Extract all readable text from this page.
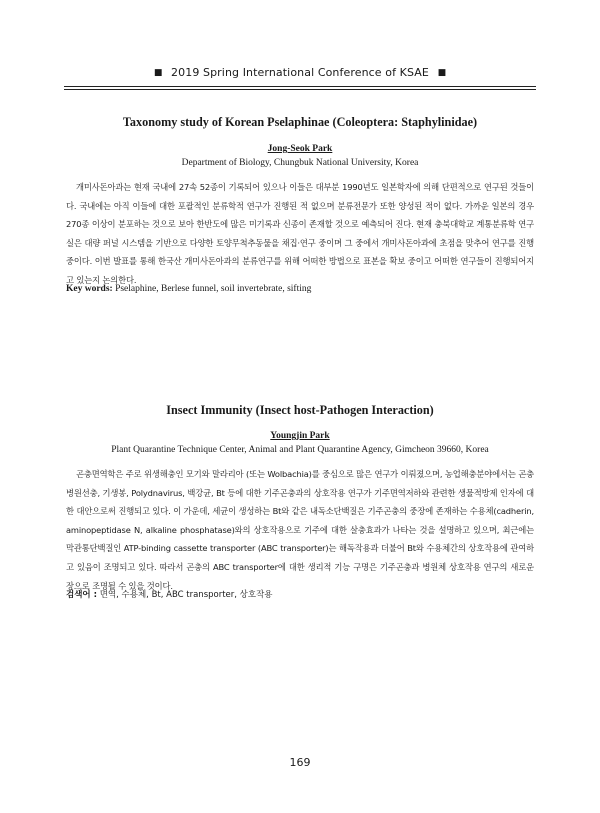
■ 2019 Spring International Conference of KSAE ■
Taxonomy study of Korean Pselaphinae (Coleoptera: Staphylinidae)
Jong-Seok Park
Department of Biology, Chungbuk National University, Korea
개미사돈아과는 현재 국내에 27속 52종이 기록되어 있으나 이들은 대부분 1990년도 일본학자에 의해 단편적으로 연구된 것들이다. 국내에는 아직 이들에 대한 포괄적인 분류학적 연구가 진행된 적 없으며 분류전문가 또한 양성된 적이 없다. 가까운 일본의 경우 270종 이상이 분포하는 것으로 보아 한반도에 많은 미기록과 신종이 존재할 것으로 예측되어 진다. 현재 충북대학교 계통분류학 연구실은 대량 퍼널 시스템을 기반으로 다양한 토양무척추동물을 채집·연구 중이며 그 중에서 개미사돈아과에 초점을 맞추어 연구를 진행중이다. 이번 발표를 통해 한국산 개미사돈아과의 분류연구를 위해 어떠한 방법으로 표본을 확보 중이고 어떠한 연구들이 진행되어지고 있는지 논의한다.
Key words: Pselaphine, Berlese funnel, soil invertebrate, sifting
Insect Immunity (Insect host-Pathogen Interaction)
Youngjin Park
Plant Quarantine Technique Center, Animal and Plant Quarantine Agency, Gimcheon 39660, Korea
곤충면역학은 주로 위생해충인 모기와 말라리아 (또는 Wolbachia)를 중심으로 많은 연구가 이뤄졌으며, 농업해충분야에서는 곤충병원선충, 기생봉, Polydnavirus, 백강균, Bt 등에 대한 기주곤충과의 상호작용 연구가 기주면역저하와 관련한 생물적방제 인자에 대한 대안으로써 진행되고 있다. 이 가운데, 세균이 생성하는 Bt와 같은 내독소단백질은 기주곤충의 중장에 존재하는 수용체(cadherin, aminopeptidase N, alkaline phosphatase)와의 상호작용으로 기주에 대한 살충효과가 나타는 것을 설명하고 있으며, 최근에는 막관통단백질인 ATP-binding cassette transporter (ABC transporter)는 해독작용과 더불어 Bt와 수용체간의 상호작용에 관여하고 있음이 조명되고 있다. 따라서 곤충의 ABC transporter에 대한 생리적 기능 구명은 기주곤충과 병원체 상호작용 연구의 새로운 장으로 조명될 수 있을 것이다.
검색어 : 면역, 수용체, Bt, ABC transporter, 상호작용
169
